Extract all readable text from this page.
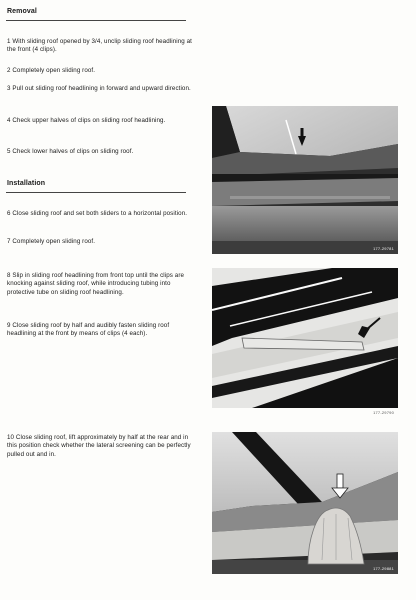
Removal
1 With sliding roof opened by 3/4, unclip sliding roof headlining at the front (4 clips).
2 Completely open sliding roof.
3 Pull out sliding roof headlining in forward and upward direction.
4 Check upper halves of clips on sliding roof headlining.
5 Check lower halves of clips on sliding roof.
Installation
6 Close sliding roof and set both sliders to a horizontal position.
7 Completely open sliding roof.
8 Slip in sliding roof headlining from front top until the clips are knocking against sliding roof, while introducing tubing into protective tube on sliding roof headlining.
9 Close sliding roof by half and audibly fasten sliding roof headlining at the front by means of clips (4 each).
10 Close sliding roof, lift approximately by half at the rear and in this position check whether the lateral screening can be perfectly pulled out and in.
177-29781
177-29790
177-29881
